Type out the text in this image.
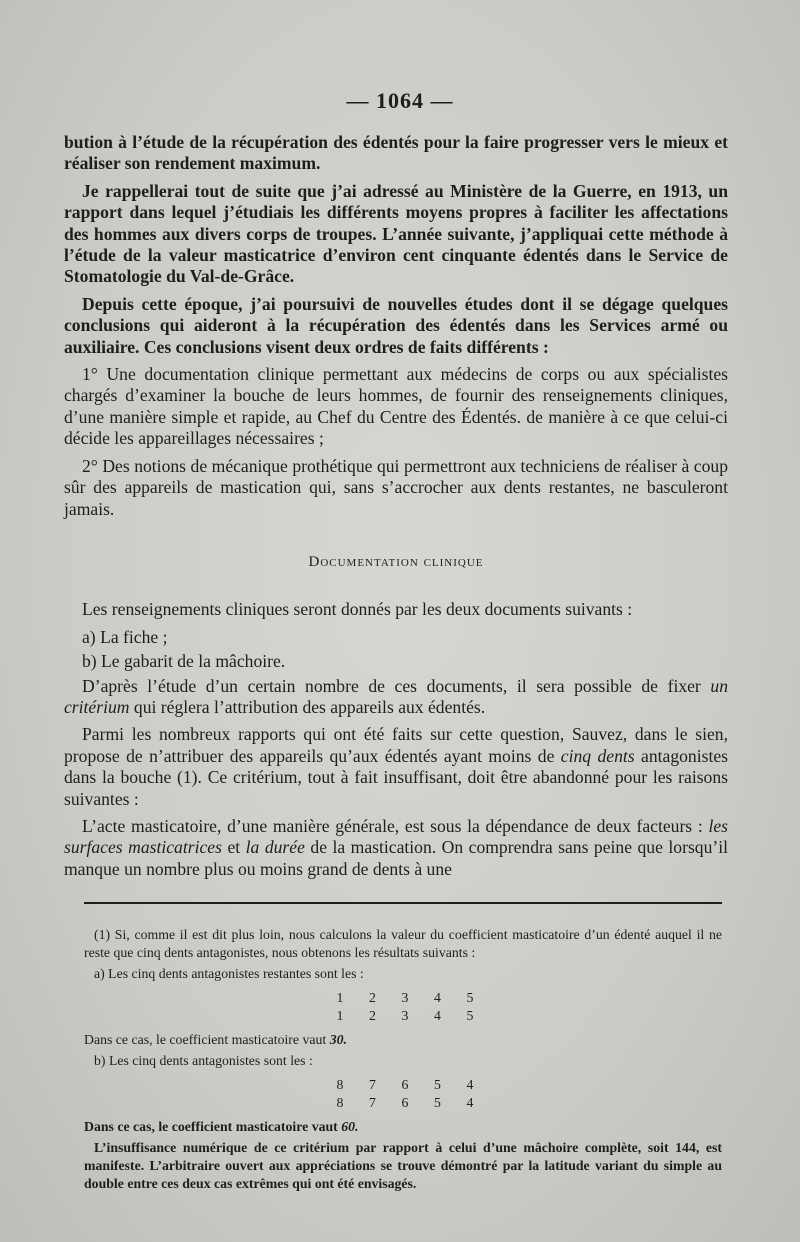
— 1064 —

bution à l’étude de la récupération des édentés pour la faire progresser vers le mieux et réaliser son rendement maximum.

Je rappellerai tout de suite que j’ai adressé au Ministère de la Guerre, en 1913, un rapport dans lequel j’étudiais les différents moyens propres à faciliter les affectations des hommes aux divers corps de troupes. L’année suivante, j’appliquai cette méthode à l’étude de la valeur masticatrice d’environ cent cinquante édentés dans le Service de Stomatologie du Val-de-Grâce.

Depuis cette époque, j’ai poursuivi de nouvelles études dont il se dégage quelques conclusions qui aideront à la récupération des édentés dans les Services armé ou auxiliaire. Ces conclusions visent deux ordres de faits différents :

1° Une documentation clinique permettant aux médecins de corps ou aux spécialistes chargés d’examiner la bouche de leurs hommes, de fournir des renseignements cliniques, d’une manière simple et rapide, au Chef du Centre des Édentés. de manière à ce que celui-ci décide les appareillages nécessaires ;

2° Des notions de mécanique prothétique qui permettront aux techniciens de réaliser à coup sûr des appareils de mastication qui, sans s’accrocher aux dents restantes, ne basculeront jamais.

Documentation clinique

Les renseignements cliniques seront donnés par les deux documents suivants :

a) La fiche ;

b) Le gabarit de la mâchoire.

D’après l’étude d’un certain nombre de ces documents, il sera possible de fixer un critérium qui réglera l’attribution des appareils aux édentés.

Parmi les nombreux rapports qui ont été faits sur cette question, Sauvez, dans le sien, propose de n’attribuer des appareils qu’aux édentés ayant moins de cinq dents antagonistes dans la bouche (1). Ce critérium, tout à fait insuffisant, doit être abandonné pour les raisons suivantes :

L’acte masticatoire, d’une manière générale, est sous la dépendance de deux facteurs : les surfaces masticatrices et la durée de la mastication. On comprendra sans peine que lorsqu’il manque un nombre plus ou moins grand de dents à une

(1) Si, comme il est dit plus loin, nous calculons la valeur du coefficient masticatoire d’un édenté auquel il ne reste que cinq dents antagonistes, nous obtenons les résultats suivants :

a) Les cinq dents antagonistes restantes sont les :

1	2	3	4	5
1	2	3	4	5

Dans ce cas, le coefficient masticatoire vaut 30.

b) Les cinq dents antagonistes sont les :

8	7	6	5	4
8	7	6	5	4

Dans ce cas, le coefficient masticatoire vaut 60.

L’insuffisance numérique de ce critérium par rapport à celui d’une mâchoire complète, soit 144, est manifeste. L’arbitraire ouvert aux appréciations se trouve démontré par la latitude variant du simple au double entre ces deux cas extrêmes qui ont été envisagés.
